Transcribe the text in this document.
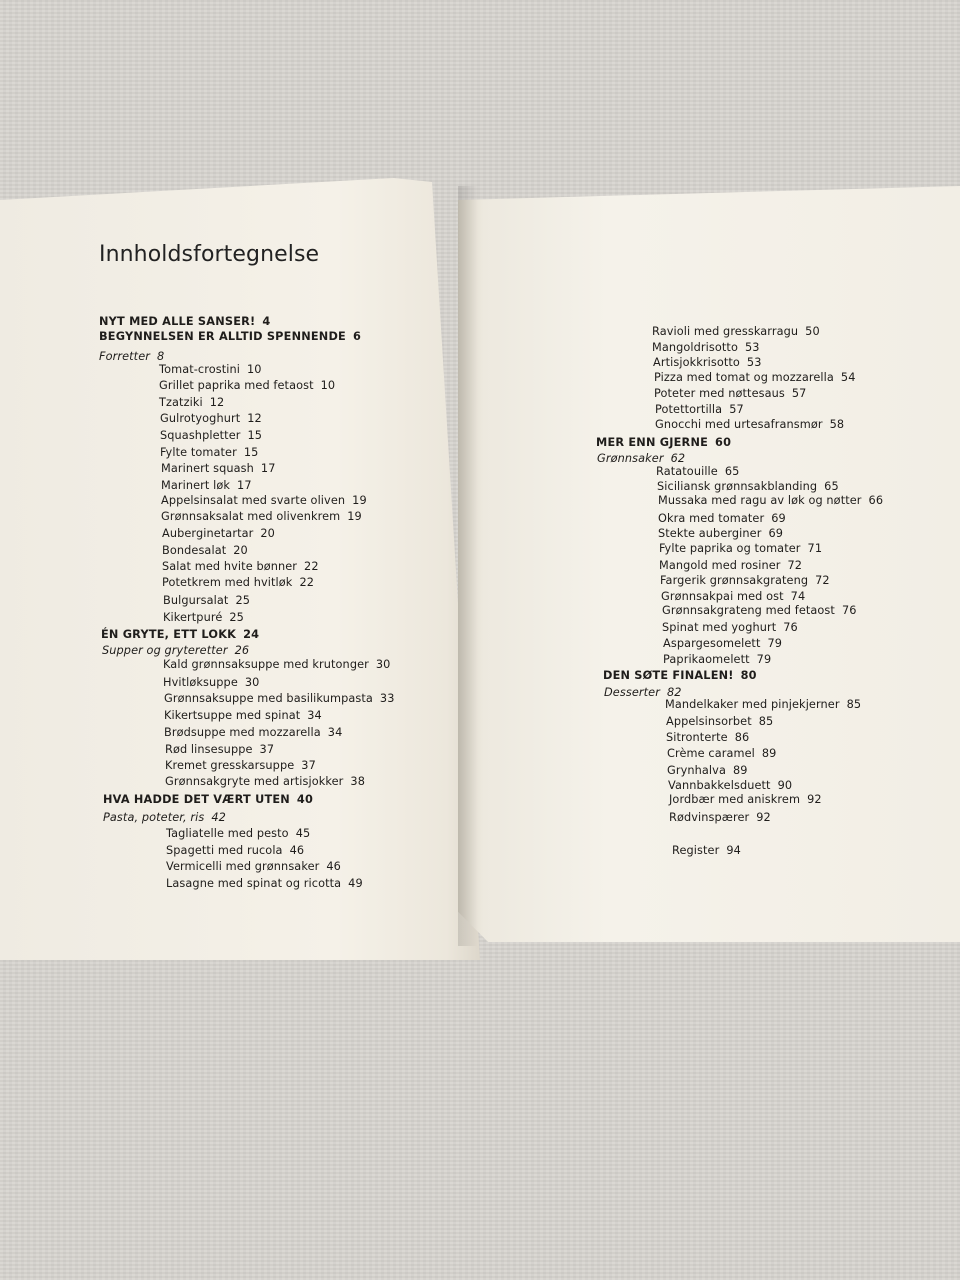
Innholdsfortegnelse
NYT MED ALLE SANSER! 4
BEGYNNELSEN ER ALLTID SPENNENDE 6
Forretter 8
Tomat-crostini 10
Grillet paprika med fetaost 10
Tzatziki 12
Gulrotyoghurt 12
Squashpletter 15
Fylte tomater 15
Marinert squash 17
Marinert løk 17
Appelsinsalat med svarte oliven 19
Grønnsaksalat med olivenkrem 19
Auberginetartar 20
Bondesalat 20
Salat med hvite bønner 22
Potetkrem med hvitløk 22
Bulgursalat 25
Kikertpuré 25
ÉN GRYTE, ETT LOKK 24
Supper og gryteretter 26
Kald grønnsaksuppe med krutonger 30
Hvitløksuppe 30
Grønnsaksuppe med basilikumpasta 33
Kikertsuppe med spinat 34
Brødsuppe med mozzarella 34
Rød linsesuppe 37
Kremet gresskarsuppe 37
Grønnsakgryte med artisjokker 38
HVA HADDE DET VÆRT UTEN 40
Pasta, poteter, ris 42
Tagliatelle med pesto 45
Spagetti med rucola 46
Vermicelli med grønnsaker 46
Lasagne med spinat og ricotta 49
Ravioli med gresskarragu 50
Mangoldrisotto 53
Artisjokkrisotto 53
Pizza med tomat og mozzarella 54
Poteter med nøttesaus 57
Potettortilla 57
Gnocchi med urtesafransmør 58
MER ENN GJERNE 60
Grønnsaker 62
Ratatouille 65
Siciliansk grønnsakblanding 65
Mussaka med ragu av løk og nøtter 66
Okra med tomater 69
Stekte auberginer 69
Fylte paprika og tomater 71
Mangold med rosiner 72
Fargerik grønnsakgrateng 72
Grønnsakpai med ost 74
Grønnsakgrateng med fetaost 76
Spinat med yoghurt 76
Aspargesomelett 79
Paprikaomelett 79
DEN SØTE FINALEN! 80
Desserter 82
Mandelkaker med pinjekjerner 85
Appelsinsorbet 85
Sitronterte 86
Crème caramel 89
Grynhalva 89
Vannbakkelsduett 90
Jordbær med aniskrem 92
Rødvinspærer 92
Register 94
